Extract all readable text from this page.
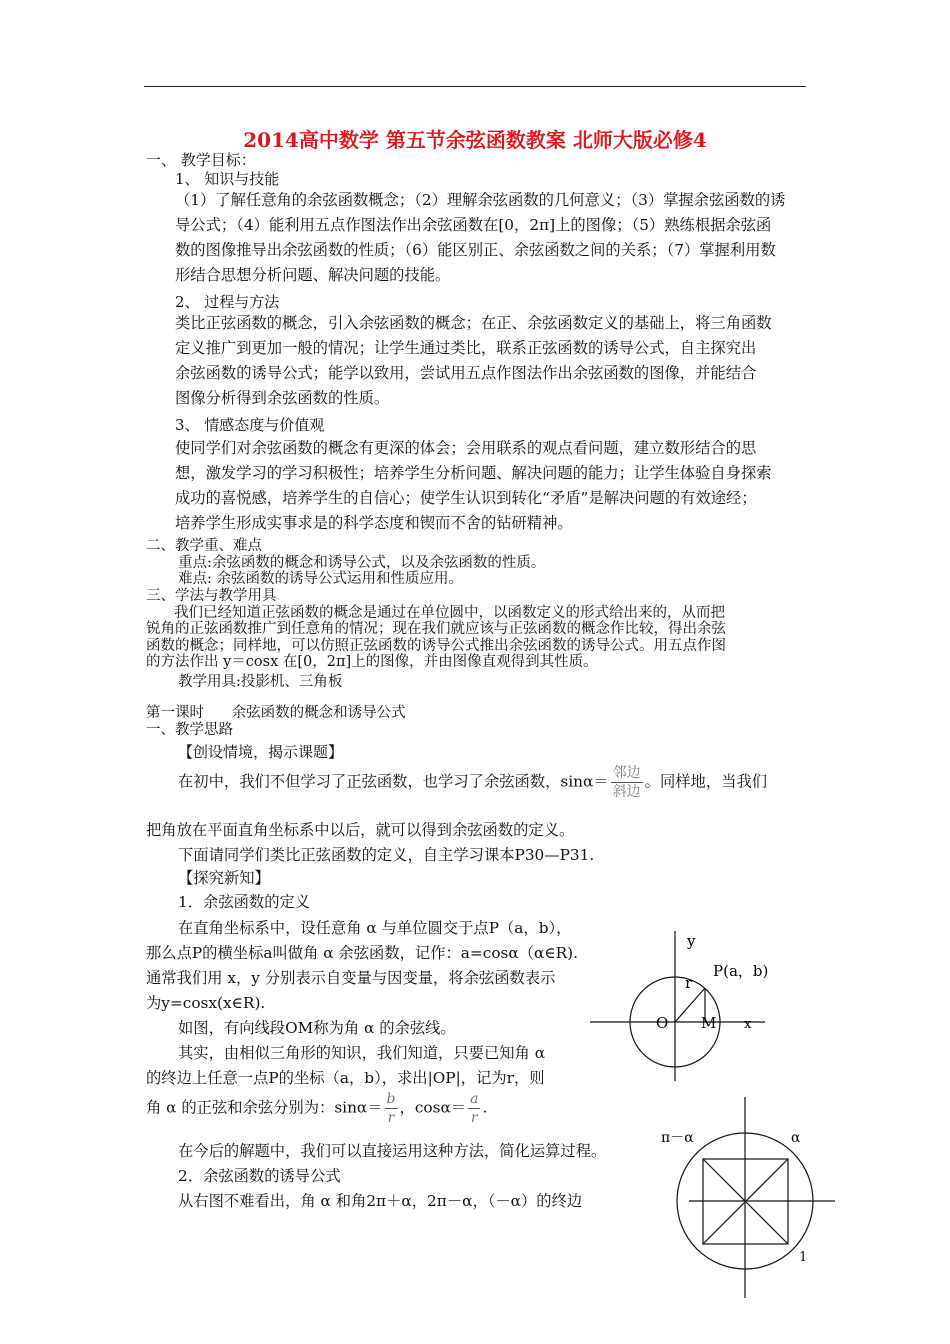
2014高中数学 第五节余弦函数教案 北师大版必修4
一、 教学目标：
1、 知识与技能
（1）了解任意角的余弦函数概念；（2）理解余弦函数的几何意义；（3）掌握余弦函数的诱
导公式；（4）能利用五点作图法作出余弦函数在[0，2π]上的图像；（5）熟练根据余弦函
数的图像推导出余弦函数的性质；（6）能区别正、余弦函数之间的关系；（7）掌握利用数
形结合思想分析问题、解决问题的技能。
2、 过程与方法
类比正弦函数的概念，引入余弦函数的概念；在正、余弦函数定义的基础上，将三角函数
定义推广到更加一般的情况；让学生通过类比，联系正弦函数的诱导公式，自主探究出
余弦函数的诱导公式；能学以致用，尝试用五点作图法作出余弦函数的图像，并能结合
图像分析得到余弦函数的性质。
3、 情感态度与价值观
使同学们对余弦函数的概念有更深的体会；会用联系的观点看问题，建立数形结合的思
想，激发学习的学习积极性；培养学生分析问题、解决问题的能力；让学生体验自身探索
成功的喜悦感，培养学生的自信心；使学生认识到转化“矛盾”是解决问题的有效途经；
培养学生形成实事求是的科学态度和锲而不舍的钻研精神。
二、教学重、难点
重点:余弦函数的概念和诱导公式，以及余弦函数的性质。
难点: 余弦函数的诱导公式运用和性质应用。
三、学法与教学用具
我们已经知道正弦函数的概念是通过在单位圆中，以函数定义的形式给出来的，从而把
锐角的正弦函数推广到任意角的情况；现在我们就应该与正弦函数的概念作比较，得出余弦
函数的概念；同样地，可以仿照正弦函数的诱导公式推出余弦函数的诱导公式。用五点作图
的方法作出 y＝cosx 在[0，2π]上的图像，并由图像直观得到其性质。
教学用具:投影机、三角板
第一课时      余弦函数的概念和诱导公式
一、教学思路
【创设情境，揭示课题】
在初中，我们不但学习了正弦函数，也学习了余弦函数，$\sin\alpha= \frac{\text{邻边}}{\text{斜边}}$ 。同样地，当我们
把角放在平面直角坐标系中以后，就可以得到余弦函数的定义。
下面请同学们类比正弦函数的定义，自主学习课本P30—P31.
【探究新知】
1．余弦函数的定义
在直角坐标系中，设任意角 α 与单位圆交于点P（a，b），
那么点P的横坐标a叫做角 α 余弦函数，记作：a=cosα（α∈R).
通常我们用 x，y 分别表示自变量与因变量，将余弦函数表示
为y=cosx(x∈R).
如图，有向线段OM称为角 α 的余弦线。
其实，由相似三角形的知识，我们知道，只要已知角 α
的终边上任意一点P的坐标（a，b），求出|OP|，记为r，则
角 α 的正弦和余弦分别为：$\sin\alpha= \frac{b}{r}$ ，$\cos\alpha= \frac{a}{r}$ .
在今后的解题中，我们可以直接运用这种方法，简化运算过程。
2．余弦函数的诱导公式
从右图不难看出，角 α 和角2π＋α，2π－α，（－α）的终边
y
x
O M
r
P(a，b)
π－α	α
1
